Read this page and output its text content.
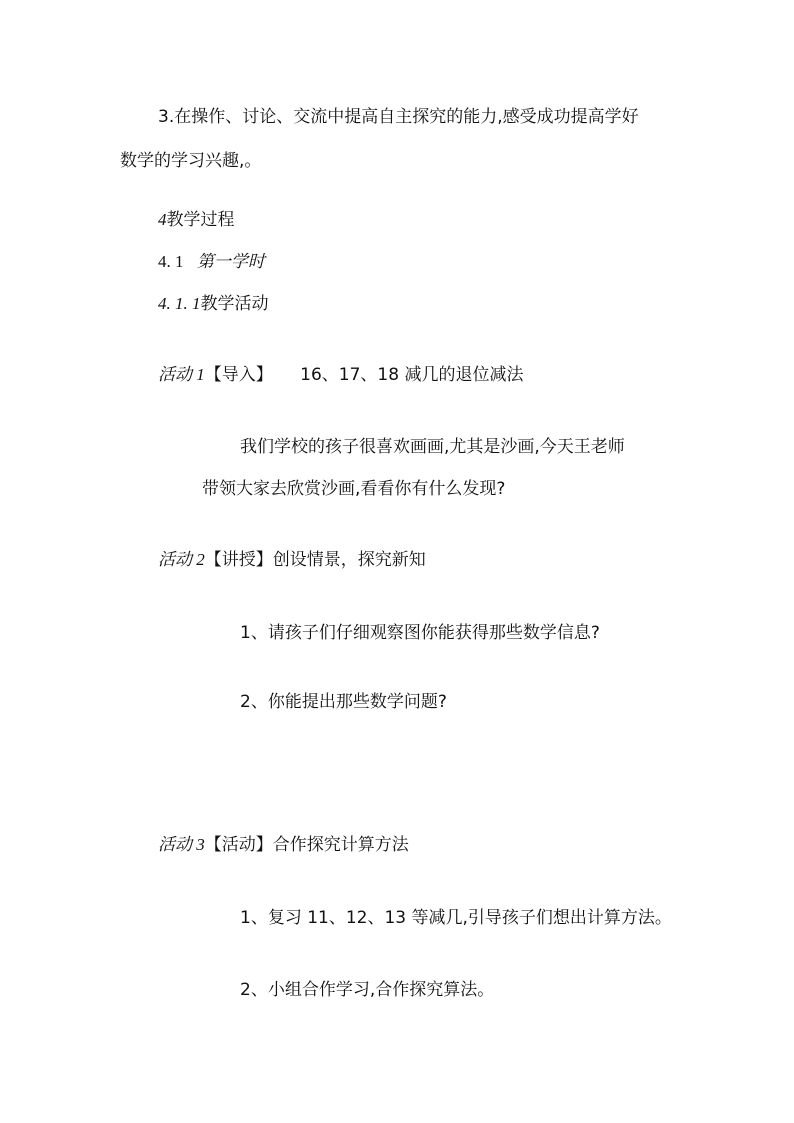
3.在操作、讨论、交流中提高自主探究的能力,感受成功提高学好
数学的学习兴趣,。
4教学过程
4. 1 第一学时
4. 1. 1教学活动
活动 1【导入】 16、17、18 减几的退位减法
我们学校的孩子很喜欢画画,尤其是沙画,今天王老师
带领大家去欣赏沙画,看看你有什么发现?
活动 2【讲授】创设情景，探究新知
1、请孩子们仔细观察图你能获得那些数学信息?
2、你能提出那些数学问题?
活动 3【活动】合作探究计算方法
1、复习 11、12、13 等减几,引导孩子们想出计算方法。
2、小组合作学习,合作探究算法。
